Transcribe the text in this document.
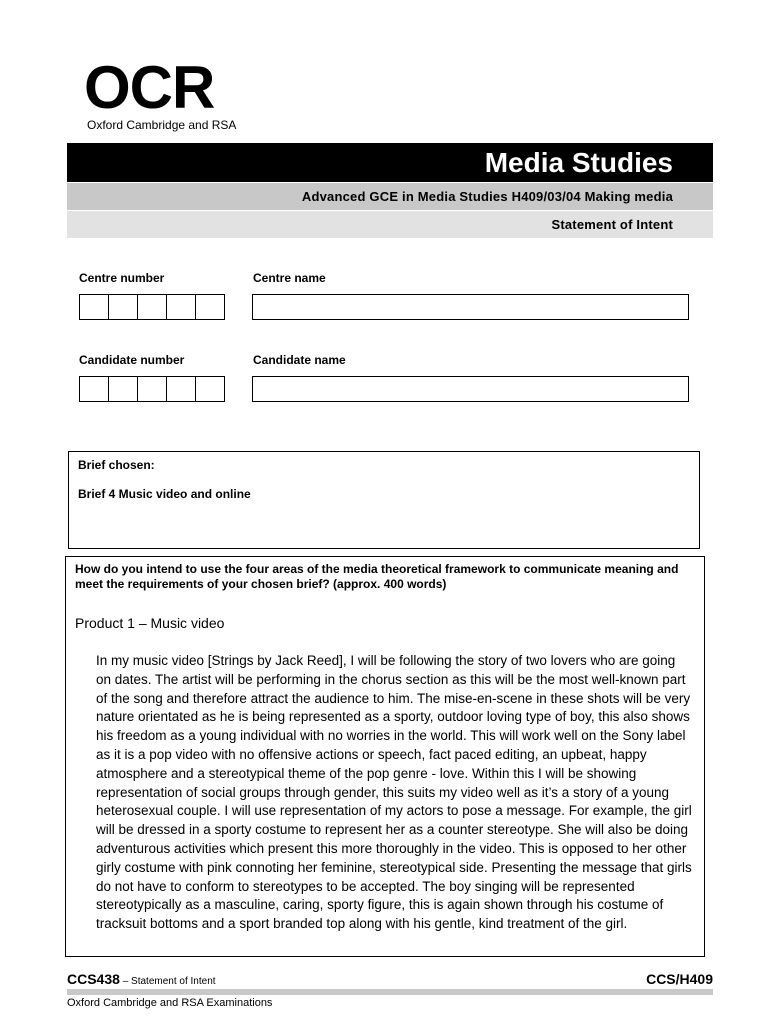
OCR
Oxford Cambridge and RSA
Media Studies
Advanced GCE in Media Studies H409/03/04 Making media
Statement of Intent
Centre number	Centre name
Candidate number	Candidate name
Brief chosen:
Brief 4 Music video and online
How do you intend to use the four areas of the media theoretical framework to communicate meaning and meet the requirements of your chosen brief? (approx. 400 words)
Product 1 – Music video
In my music video [Strings by Jack Reed], I will be following the story of two lovers who are going on dates. The artist will be performing in the chorus section as this will be the most well-known part of the song and therefore attract the audience to him. The mise-en-scene in these shots will be very nature orientated as he is being represented as a sporty, outdoor loving type of boy, this also shows his freedom as a young individual with no worries in the world. This will work well on the Sony label as it is a pop video with no offensive actions or speech, fact paced editing, an upbeat, happy atmosphere and a stereotypical theme of the pop genre - love. Within this I will be showing representation of social groups through gender, this suits my video well as it’s a story of a young heterosexual couple. I will use representation of my actors to pose a message. For example, the girl will be dressed in a sporty costume to represent her as a counter stereotype. She will also be doing adventurous activities which present this more thoroughly in the video. This is opposed to her other girly costume with pink connoting her feminine, stereotypical side. Presenting the message that girls do not have to conform to stereotypes to be accepted. The boy singing will be represented stereotypically as a masculine, caring, sporty figure, this is again shown through his costume of tracksuit bottoms and a sport branded top along with his gentle, kind treatment of the girl.
CCS438 – Statement of Intent	CCS/H409
Oxford Cambridge and RSA Examinations
